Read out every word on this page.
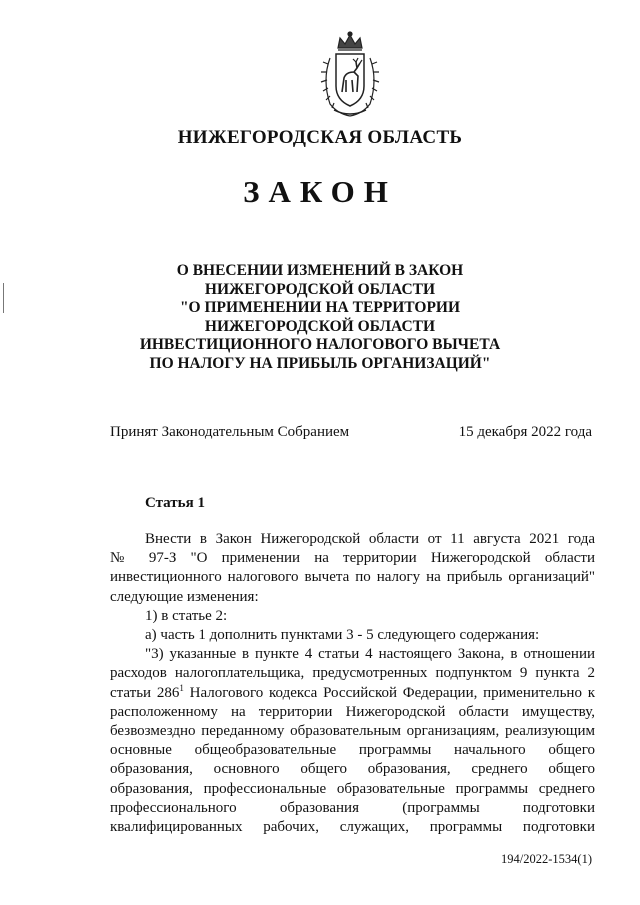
НИЖЕГОРОДСКАЯ ОБЛАСТЬ
ЗАКОН
О ВНЕСЕНИИ ИЗМЕНЕНИЙ В ЗАКОН
НИЖЕГОРОДСКОЙ ОБЛАСТИ
"О ПРИМЕНЕНИИ НА ТЕРРИТОРИИ
НИЖЕГОРОДСКОЙ ОБЛАСТИ
ИНВЕСТИЦИОННОГО НАЛОГОВОГО ВЫЧЕТА
ПО НАЛОГУ НА ПРИБЫЛЬ ОРГАНИЗАЦИЙ"
Принят Законодательным Собранием	15 декабря 2022 года
Статья 1
Внести в Закон Нижегородской области от 11 августа 2021 года
№ 97-З "О применении на территории Нижегородской области
инвестиционного налогового вычета по налогу на прибыль организаций"
следующие изменения:
1) в статье 2:
а) часть 1 дополнить пунктами 3 - 5 следующего содержания:
"3) указанные в пункте 4 статьи 4 настоящего Закона, в отношении
расходов налогоплательщика, предусмотренных подпунктом 9 пункта 2
статьи $286^1$ Налогового кодекса Российской Федерации, применительно к
расположенному на территории Нижегородской области имуществу,
безвозмездно переданному образовательным организациям, реализующим
основные общеобразовательные программы начального общего
образования, основного общего образования, среднего общего
образования, профессиональные образовательные программы среднего
профессионального образования (программы подготовки
квалифицированных рабочих, служащих, программы подготовки
194/2022-1534(1)
